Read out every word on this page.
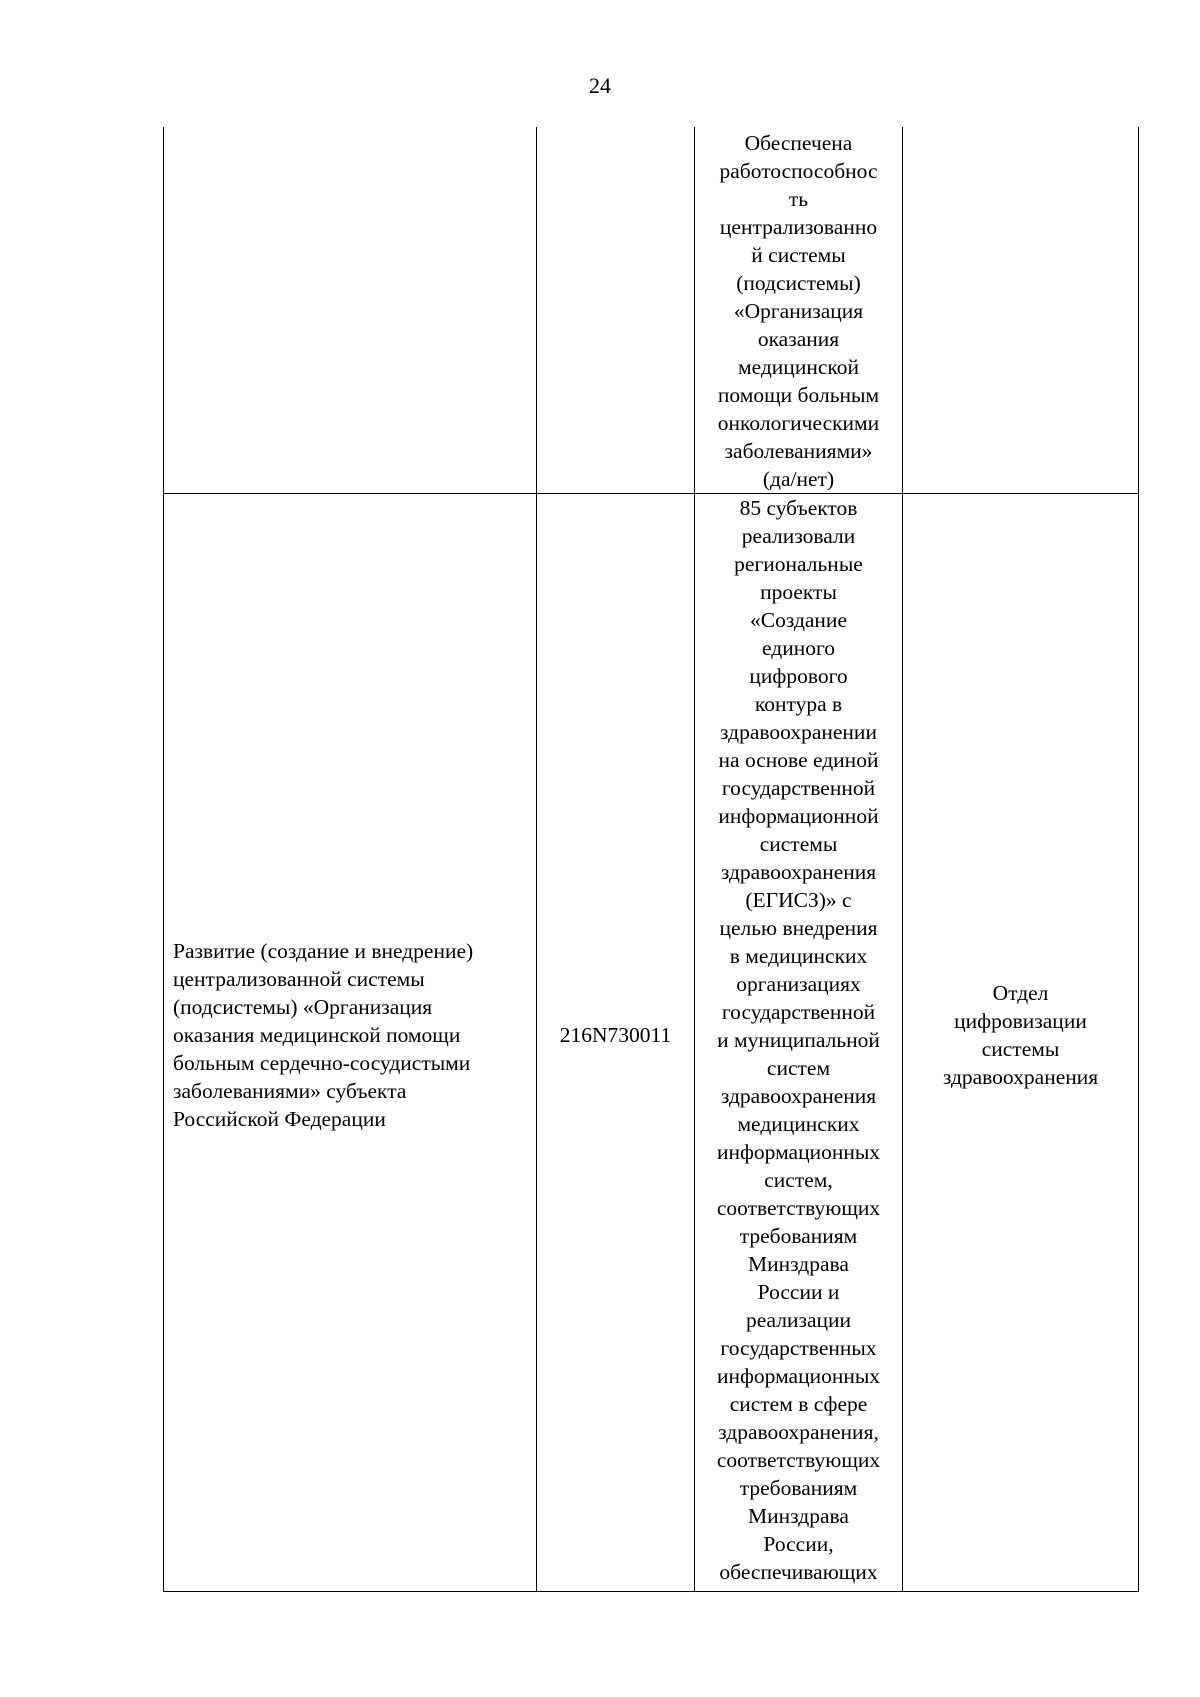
24
Обеспечена
работоспособнос
ть
централизованно
й системы
(подсистемы)
«Организация
оказания
медицинской
помощи больным
онкологическими
заболеваниями»
(да/нет)
Развитие (создание и внедрение)
централизованной системы
(подсистемы) «Организация
оказания медицинской помощи
больным сердечно-сосудистыми
заболеваниями» субъекта
Российской Федерации
216N730011
85 субъектов
реализовали
региональные
проекты
«Создание
единого
цифрового
контура в
здравоохранении
на основе единой
государственной
информационной
системы
здравоохранения
(ЕГИСЗ)» с
целью внедрения
в медицинских
организациях
государственной
и муниципальной
систем
здравоохранения
медицинских
информационных
систем,
соответствующих
требованиям
Минздрава
России и
реализации
государственных
информационных
систем в сфере
здравоохранения,
соответствующих
требованиям
Минздрава
России,
обеспечивающих
Отдел
цифровизации
системы
здравоохранения
